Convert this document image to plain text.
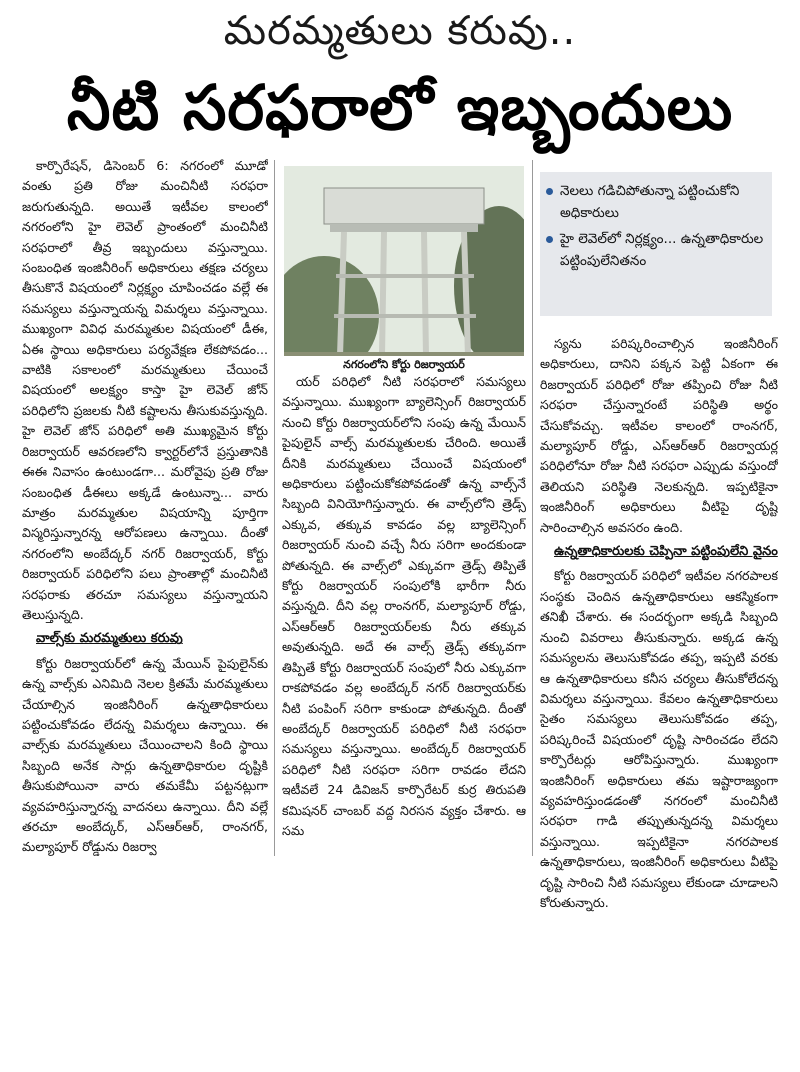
మరమ్మతులు కరువు..
నీటి సరఫరాలో ఇబ్బందులు

కార్పొరేషన్, డిసెంబర్ 6: నగరంలో మూడో వంతు ప్రతి రోజు మంచినీటి సరఫరా జరుగుతున్నది. అయితే ఇటీవల కాలంలో నగరంలోని హై లెవెల్ ప్రాంతంలో మంచినీటి సరఫరాలో తీవ్ర ఇబ్బందులు వస్తున్నాయి. సంబంధిత ఇంజినీరింగ్ అధికారులు తక్షణ చర్యలు తీసుకొనే విషయంలో నిర్లక్ష్యం చూపించడం వల్లే ఈ సమస్యలు వస్తున్నాయన్న విమర్శలు వస్తున్నాయి. ముఖ్యంగా వివిధ మరమ్మతుల విషయంలో డీఈ, ఏఈ స్థాయి అధికారులు పర్యవేక్షణ లేకపోవడం... వాటికి సకాలంలో మరమ్మతులు చేయించే విషయంలో అలక్ష్యం కాస్తా హై లెవెల్ జోన్ పరిధిలోని ప్రజలకు నీటి కష్టాలను తీసుకువస్తున్నది. హై లెవెల్ జోన్ పరిధిలో అతి ముఖ్యమైన కోర్టు రిజర్వాయర్ ఆవరణలోని క్వార్టర్‌లోనే ప్రస్తుతానికి ఈఈ నివాసం ఉంటుండగా... మరోవైపు ప్రతి రోజు సంబంధిత డీఈలు అక్కడే ఉంటున్నా... వారు మాత్రం మరమ్మతుల విషయాన్ని పూర్తిగా విస్మరిస్తున్నారన్న ఆరోపణలు ఉన్నాయి. దీంతో నగరంలోని అంబేద్కర్ నగర్ రిజర్వాయర్, కోర్టు రిజర్వాయర్ పరిధిలోని పలు ప్రాంతాల్లో మంచినీటి సరఫరాకు తరచూ సమస్యలు వస్తున్నాయని తెలుస్తున్నది.

వాల్స్‌కు మరమ్మతులు కరువు

కోర్టు రిజర్వాయర్‌లో ఉన్న మేయిన్ పైపులైన్‌కు ఉన్న వాల్స్‌కు ఎనిమిది నెలల క్రితమే మరమ్మతులు చేయాల్సిన ఇంజినీరింగ్ ఉన్నతాధికారులు పట్టించుకోవడం లేదన్న విమర్శలు ఉన్నాయి. ఈ వాల్స్‌కు మరమ్మతులు చేయించాలని కింది స్థాయి సిబ్బంది అనేక సార్లు ఉన్నతాధికారుల దృష్టికి తీసుకుపోయినా వారు తమకేమీ పట్టనట్లుగా వ్యవహరిస్తున్నారన్న వాదనలు ఉన్నాయి. దీని వల్లే తరచూ అంబేద్కర్, ఎస్ఆర్ఆర్, రాంనగర్, మల్యాపూర్ రోడ్డును రిజర్వా

నగరంలోని కోర్టు రిజర్వాయర్
నెలలు గడిచిపోతున్నా పట్టించుకోని అధికారులు
హై లెవెల్‌లో నిర్లక్ష్యం... ఉన్నతాధికారుల పట్టింపులేనితనం

యర్ పరిధిలో నీటి సరఫరాలో సమస్యలు వస్తున్నాయి. ముఖ్యంగా బ్యాలెన్సింగ్ రిజర్వాయర్ నుంచి కోర్టు రిజర్వాయర్‌లోని సంపు ఉన్న మేయిన్ పైపులైన్ వాల్స్ మరమ్మతులకు చేరింది. అయితే దీనికి మరమ్మతులు చేయించే విషయంలో అధికారులు పట్టించుకోకపోవడంతో ఉన్న వాల్స్‌నే సిబ్బంది వినియోగిస్తున్నారు. ఈ వాల్స్‌లోని త్రెడ్స్ ఎక్కువ, తక్కువ కావడం వల్ల బ్యాలెన్సింగ్ రిజర్వాయర్ నుంచి వచ్చే నీరు సరిగా అందకుండా పోతున్నది. ఈ వాల్స్‌లో ఎక్కువగా త్రెడ్స్ తిప్పితే కోర్టు రిజర్వాయర్ సంపులోకి భారీగా నీరు వస్తున్నది. దీని వల్ల రాంనగర్, మల్యాపూర్ రోడ్డు, ఎస్ఆర్ఆర్ రిజర్వాయర్‌లకు నీరు తక్కువ అవుతున్నది. అదే ఈ వాల్స్ త్రెడ్స్ తక్కువగా తిప్పితే కోర్టు రిజర్వాయర్ సంపులో నీరు ఎక్కువగా రాకపోవడం వల్ల అంబేద్కర్ నగర్ రిజర్వాయర్‌కు నీటి పంపింగ్ సరిగా కాకుండా పోతున్నది. దీంతో అంబేద్కర్ రిజర్వాయర్ పరిధిలో నీటి సరఫరా సమస్యలు వస్తున్నాయి. అంబేద్కర్ రిజర్వాయర్ పరిధిలో నీటి సరఫరా సరిగా రావడం లేదని ఇటీవలే 24 డివిజన్ కార్పొరేటర్ కుర్ర తిరుపతి కమిషనర్ చాంబర్ వద్ద నిరసన వ్యక్తం చేశారు. ఆ సమ

స్యను పరిష్కరించాల్సిన ఇంజినీరింగ్ అధికారులు, దానిని పక్కన పెట్టి ఏకంగా ఈ రిజర్వాయర్ పరిధిలో రోజు తప్పించి రోజు నీటి సరఫరా చేస్తున్నారంటే పరిస్థితి అర్థం చేసుకోవచ్చు. ఇటీవల కాలంలో రాంనగర్, మల్యాపూర్ రోడ్డు, ఎస్ఆర్ఆర్ రిజర్వాయర్ల పరిధిలోనూ రోజు నీటి సరఫరా ఎప్పుడు వస్తుందో తెలియని పరిస్థితి నెలకున్నది. ఇప్పటికైనా ఇంజినీరింగ్ అధికారులు వీటిపై దృష్టి సారించాల్సిన అవసరం ఉంది.

ఉన్నతాధికారులకు చెప్పినా పట్టింపులేని వైనం

కోర్టు రిజర్వాయర్ పరిధిలో ఇటీవల నగరపాలక సంస్థకు చెందిన ఉన్నతాధికారులు ఆకస్మికంగా తనిఖీ చేశారు. ఈ సందర్భంగా అక్కడి సిబ్బంది నుంచి వివరాలు తీసుకున్నారు. అక్కడ ఉన్న సమస్యలను తెలుసుకోవడం తప్ప, ఇప్పటి వరకు ఆ ఉన్నతాధికారులు కనీస చర్యలు తీసుకోలేదన్న విమర్శలు వస్తున్నాయి. కేవలం ఉన్నతాధికారులు సైతం సమస్యలు తెలుసుకోవడం తప్ప, పరిష్కరించే విషయంలో దృష్టి సారించడం లేదని కార్పొరేటర్లు ఆరోపిస్తున్నారు. ముఖ్యంగా ఇంజినీరింగ్ అధికారులు తమ ఇష్టారాజ్యంగా వ్యవహరిస్తుండడంతో నగరంలో మంచినీటి సరఫరా గాడి తప్పుతున్నదన్న విమర్శలు వస్తున్నాయి. ఇప్పటికైనా నగరపాలక ఉన్నతాధికారులు, ఇంజినీరింగ్ అధికారులు వీటిపై దృష్టి సారించి నీటి సమస్యలు లేకుండా చూడాలని కోరుతున్నారు.
